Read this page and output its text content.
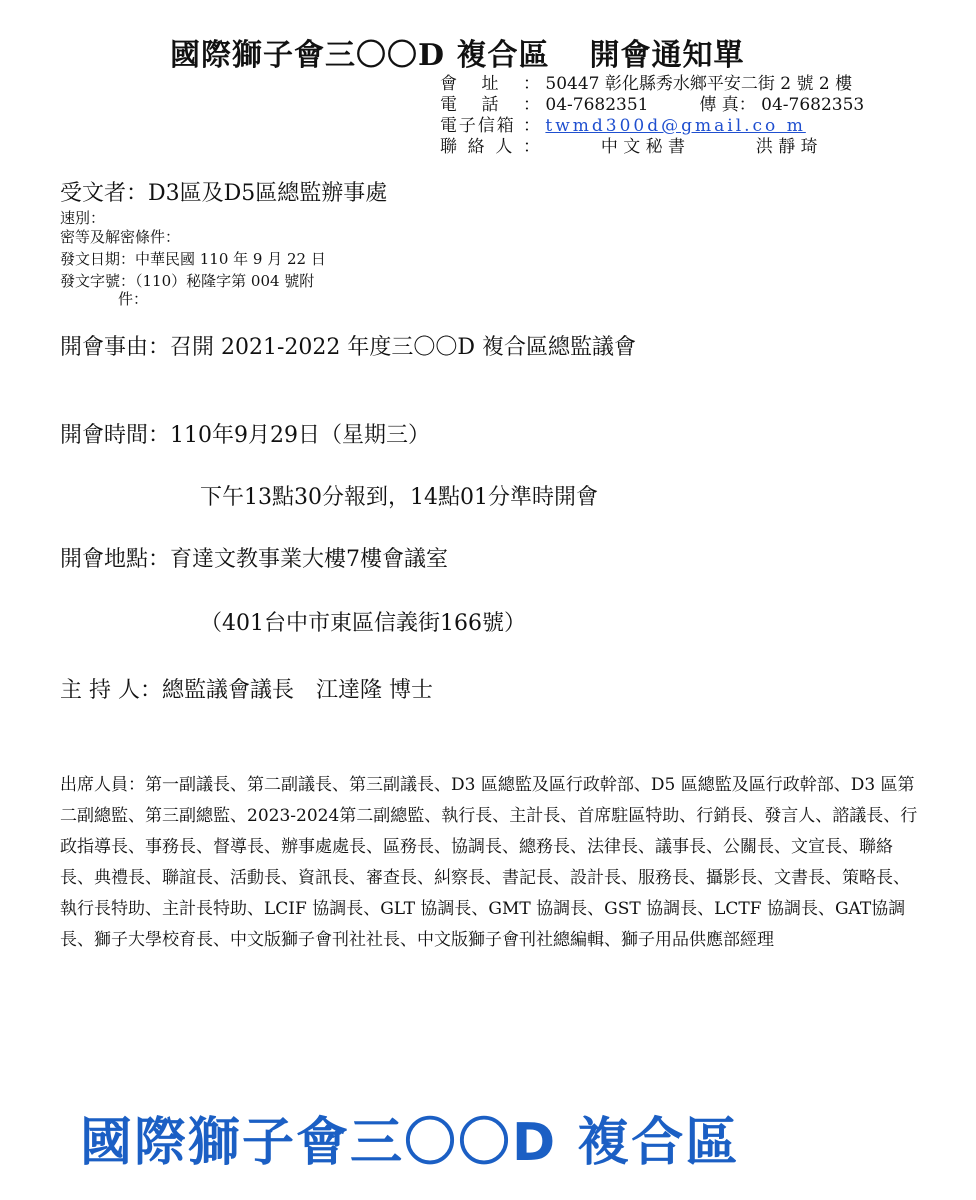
國際獅子會三〇〇D 複合區 開會通知單
會址： 50447 彰化縣秀水鄉平安二街 2 號 2 樓
電話： 04-7682351	傳 真： 04-7682353
電子信箱 ： twmd300d@gmail.co m
聯絡人：	中 文 秘 書	洪 靜 琦
受文者：D3區及D5區總監辦事處
速別：
密等及解密條件：
發文日期：中華民國 110 年 9 月 22 日
發文字號：（110）秘隆字第 004 號附
件：
開會事由：召開 2021-2022 年度三〇〇D 複合區總監議會
開會時間：110年9月29日（星期三）
下午13點30分報到，14點01分準時開會
開會地點：育達文教事業大樓7樓會議室
（401台中市東區信義街166號）
主 持 人：總監議會議長　江達隆 博士
出席人員：第一副議長、第二副議長、第三副議長、D3 區總監及區行政幹部、D5 區總監及區行政幹部、D3 區第二副總監、第三副總監、2023-2024第二副總監、執行長、主計長、首席駐區特助、行銷長、發言人、諮議長、行政指導長、事務長、督導長、辦事處處長、區務長、協調長、總務長、法律長、議事長、公關長、文宣長、聯絡長、典禮長、聯誼長、活動長、資訊長、審查長、糾察長、書記長、設計長、服務長、攝影長、文書長、策略長、執行長特助、主計長特助、LCIF 協調長、GLT 協調長、GMT 協調長、GST 協調長、LCTF 協調長、GAT協調長、獅子大學校育長、中文版獅子會刊社社長、中文版獅子會刊社總編輯、獅子用品供應部經理
國際獅子會三〇〇D 複合區
